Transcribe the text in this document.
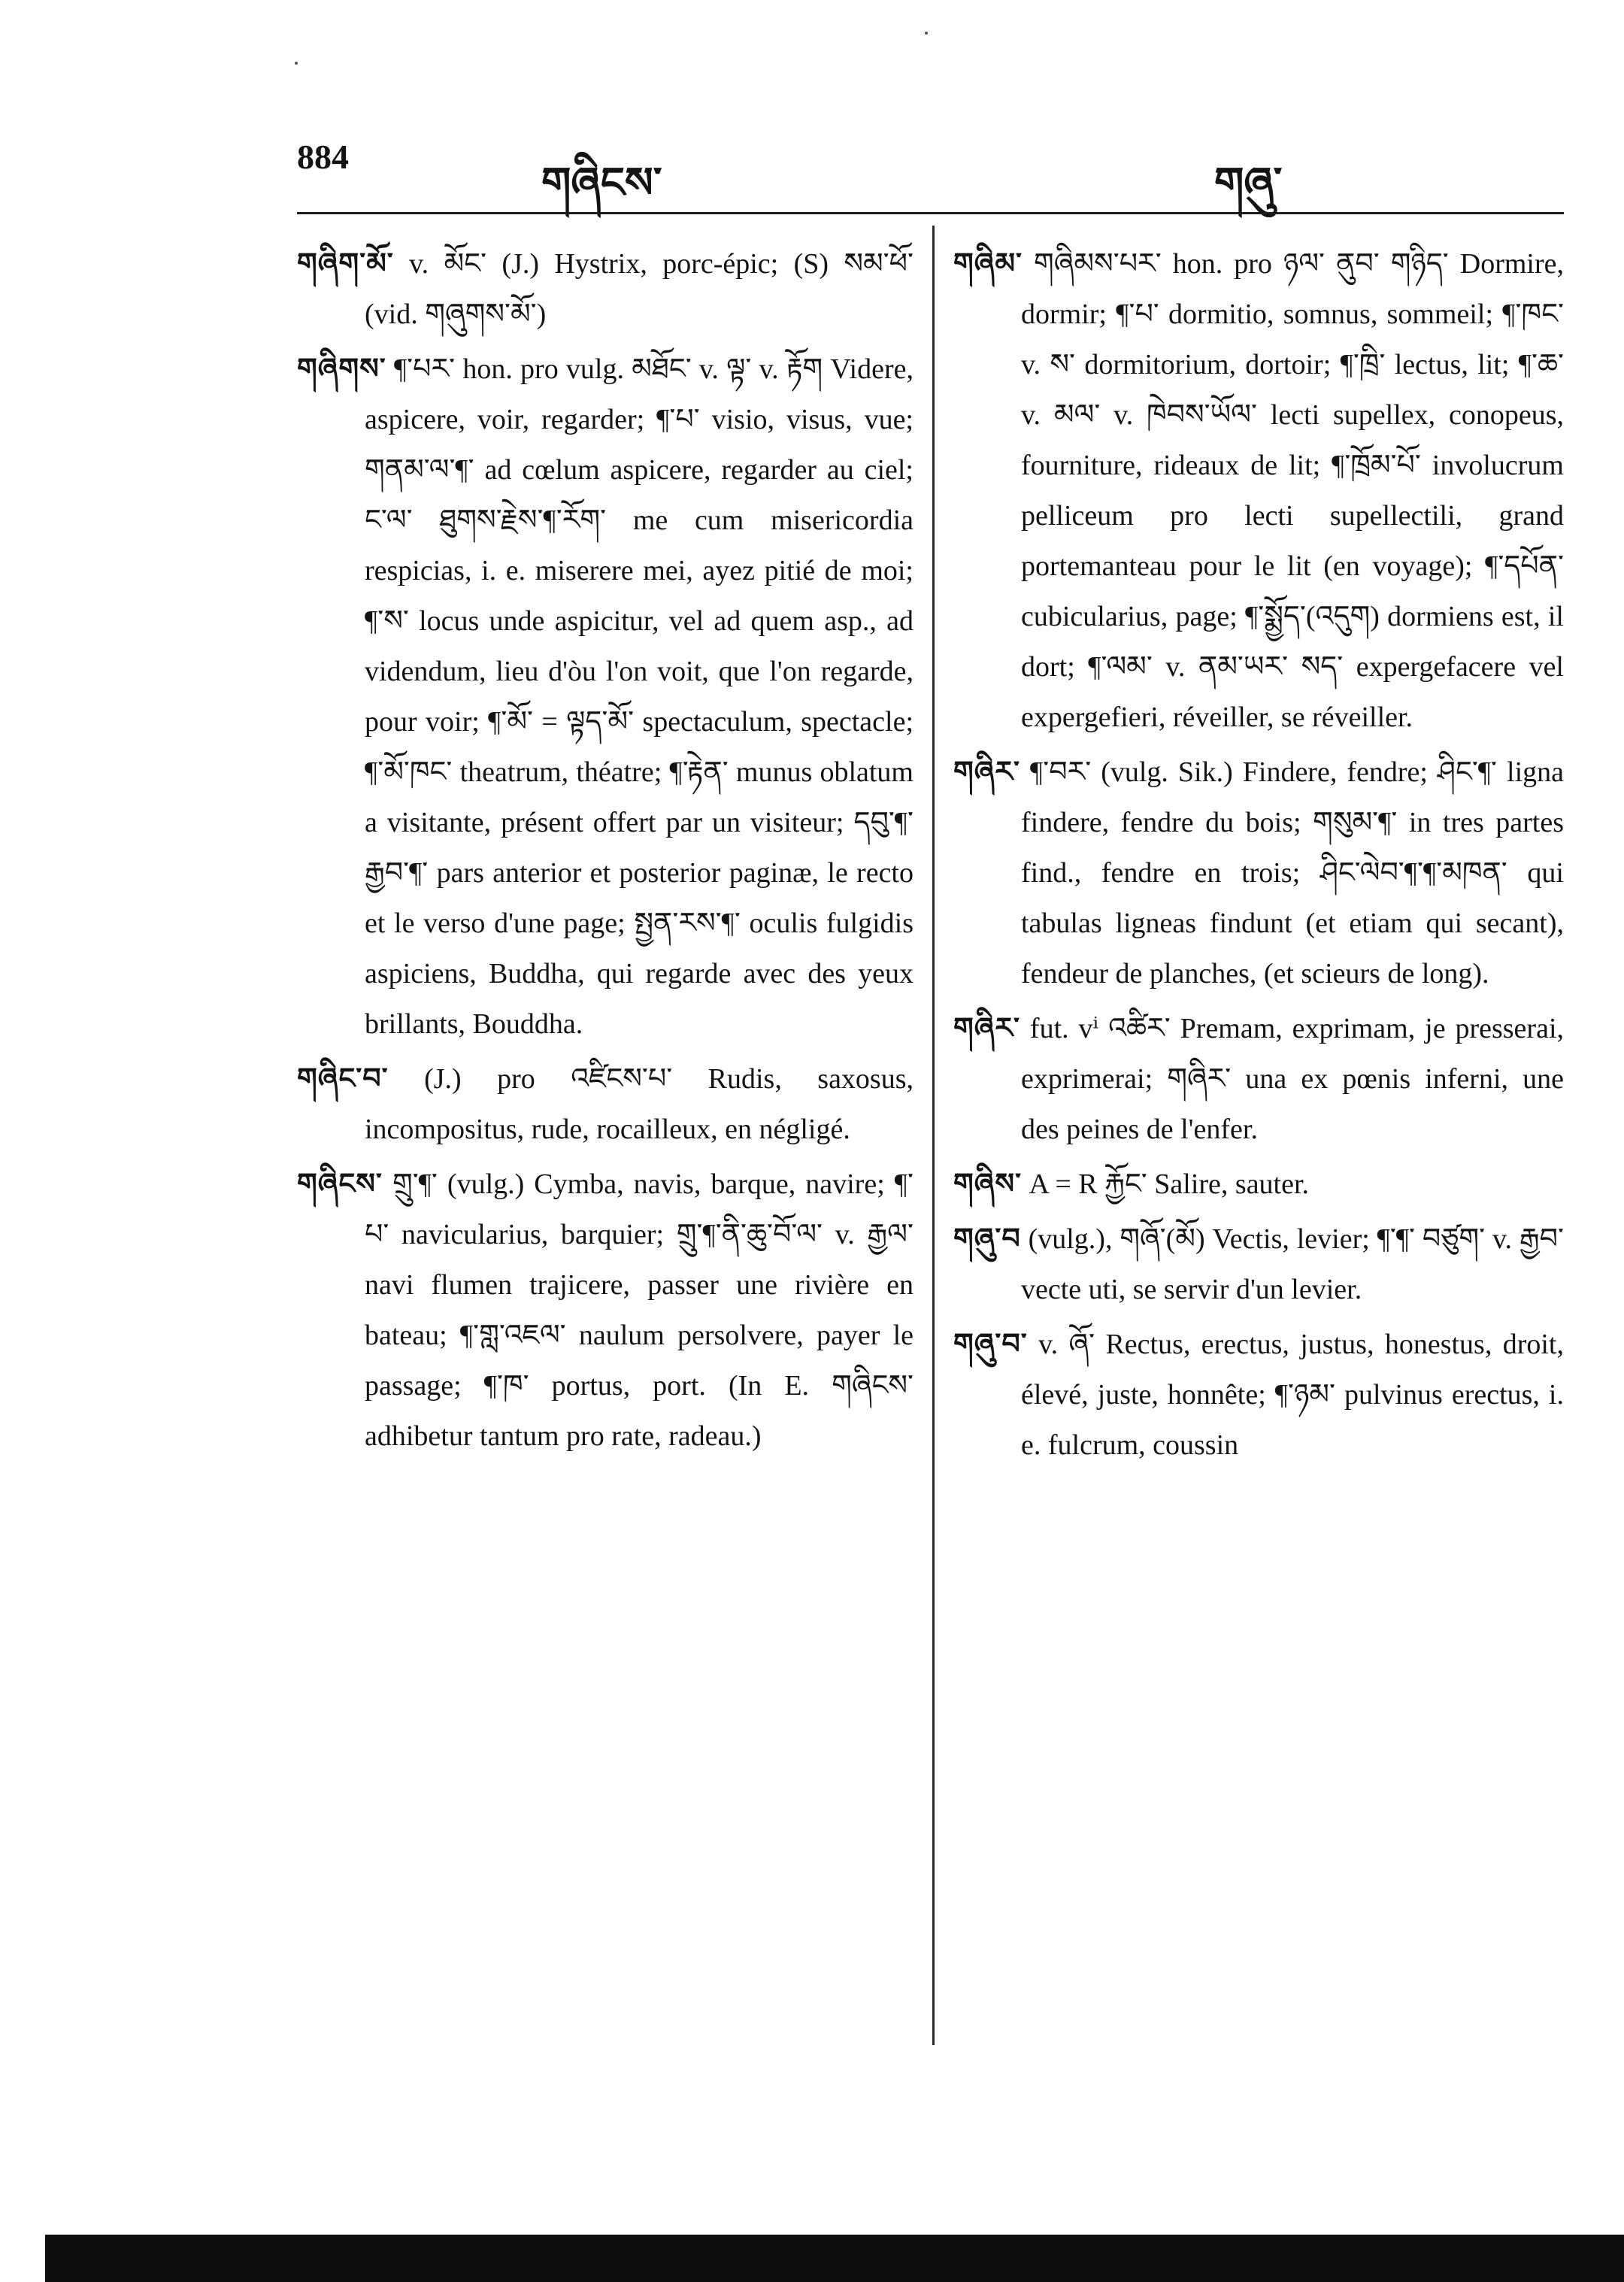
884
གཞིངས་	གཞུ་

གཞིག་མོ་ v. མོང་ (J.) Hystrix, porc-épic; (S) སམ་ཕོ་ (vid. གཞུགས་མོ་)

གཞིགས་ ¶་པར་ hon. pro vulg. མཐོང་ v. ལྟ་ v. རྟོག Videre, aspicere, voir, regarder; ¶་པ་ visio, visus, vue; གནམ་ལ་¶་ ad cœlum aspicere, regarder au ciel; ང་ལ་ ཐུགས་རྗེས་¶་རོག་ me cum misericordia respicias, i. e. miserere mei, ayez pitié de moi; ¶་ས་ locus unde aspicitur, vel ad quem asp., ad videndum, lieu d'òu l'on voit, que l'on regarde, pour voir; ¶་མོ་ = ལྟད་མོ་ spectaculum, spectacle; ¶་མོ་ཁང་ theatrum, théatre; ¶་རྟེན་ munus oblatum a visitante, présent offert par un visiteur; དབུ་¶་རྒྱབ་¶་ pars anterior et posterior paginæ, le recto et le verso d'une page; སྤྱན་རས་¶་ oculis fulgidis aspiciens, Buddha, qui regarde avec des yeux brillants, Bouddha.

གཞིང་བ་ (J.) pro འཛིངས་པ་ Rudis, saxosus, incompositus, rude, rocailleux, en négligé.

གཞིངས་ གྲུ་¶་ (vulg.) Cymba, navis, barque, navire; ¶་པ་ navicularius, barquier; གྲུ་¶་ནི་ཆུ་བོ་ལ་ v. རྒྱལ་ navi flumen trajicere, passer une rivière en bateau; ¶་གླ་འཇལ་ naulum persolvere, payer le passage; ¶་ཁ་ portus, port. (In E. གཞིངས་ adhibetur tantum pro rate, radeau.)

གཞིམ་ གཞིམས་པར་ hon. pro ཉལ་ ནུབ་ གཉིད་ Dormire, dormir; ¶་པ་ dormitio, somnus, sommeil; ¶་ཁང་ v. ས་ dormitorium, dortoir; ¶་ཁྲི་ lectus, lit; ¶་ཆ་ v. མལ་ v. ཁེབས་ཡོལ་ lecti supellex, conopeus, fourniture, rideaux de lit; ¶་ཁྲོམ་པོ་ involucrum pelliceum pro lecti supellectili, grand portemanteau pour le lit (en voyage); ¶་དཔོན་ cubicularius, page; ¶་སྨྱོད་(འདུག) dormiens est, il dort; ¶་ལམ་ v. ནམ་ཡར་ སད་ expergefacere vel expergefieri, réveiller, se réveiller.

གཞིར་ ¶་བར་ (vulg. Sik.) Findere, fendre; ཤིང་¶་ ligna findere, fendre du bois; གསུམ་¶་ in tres partes find., fendre en trois; ཤིང་ལེབ་¶་¶་མཁན་ qui tabulas ligneas findunt (et etiam qui secant), fendeur de planches, (et scieurs de long).

གཞིར་ fut. vⁱ འཚིར་ Premam, exprimam, je presserai, exprimerai; གཞིར་ una ex pœnis inferni, une des peines de l'enfer.

གཞིས་ A = R རྐྱོང་ Salire, sauter.

གཞུ་བ (vulg.), གཞོ་(མོ) Vectis, levier; ¶་¶་ བཙུག་ v. རྒྱབ་ vecte uti, se servir d'un levier.

གཞུ་བ་ v. ཞོ་ Rectus, erectus, justus, honestus, droit, élevé, juste, honnête; ¶་ཉམ་ pulvinus erectus, i. e. fulcrum, coussin
